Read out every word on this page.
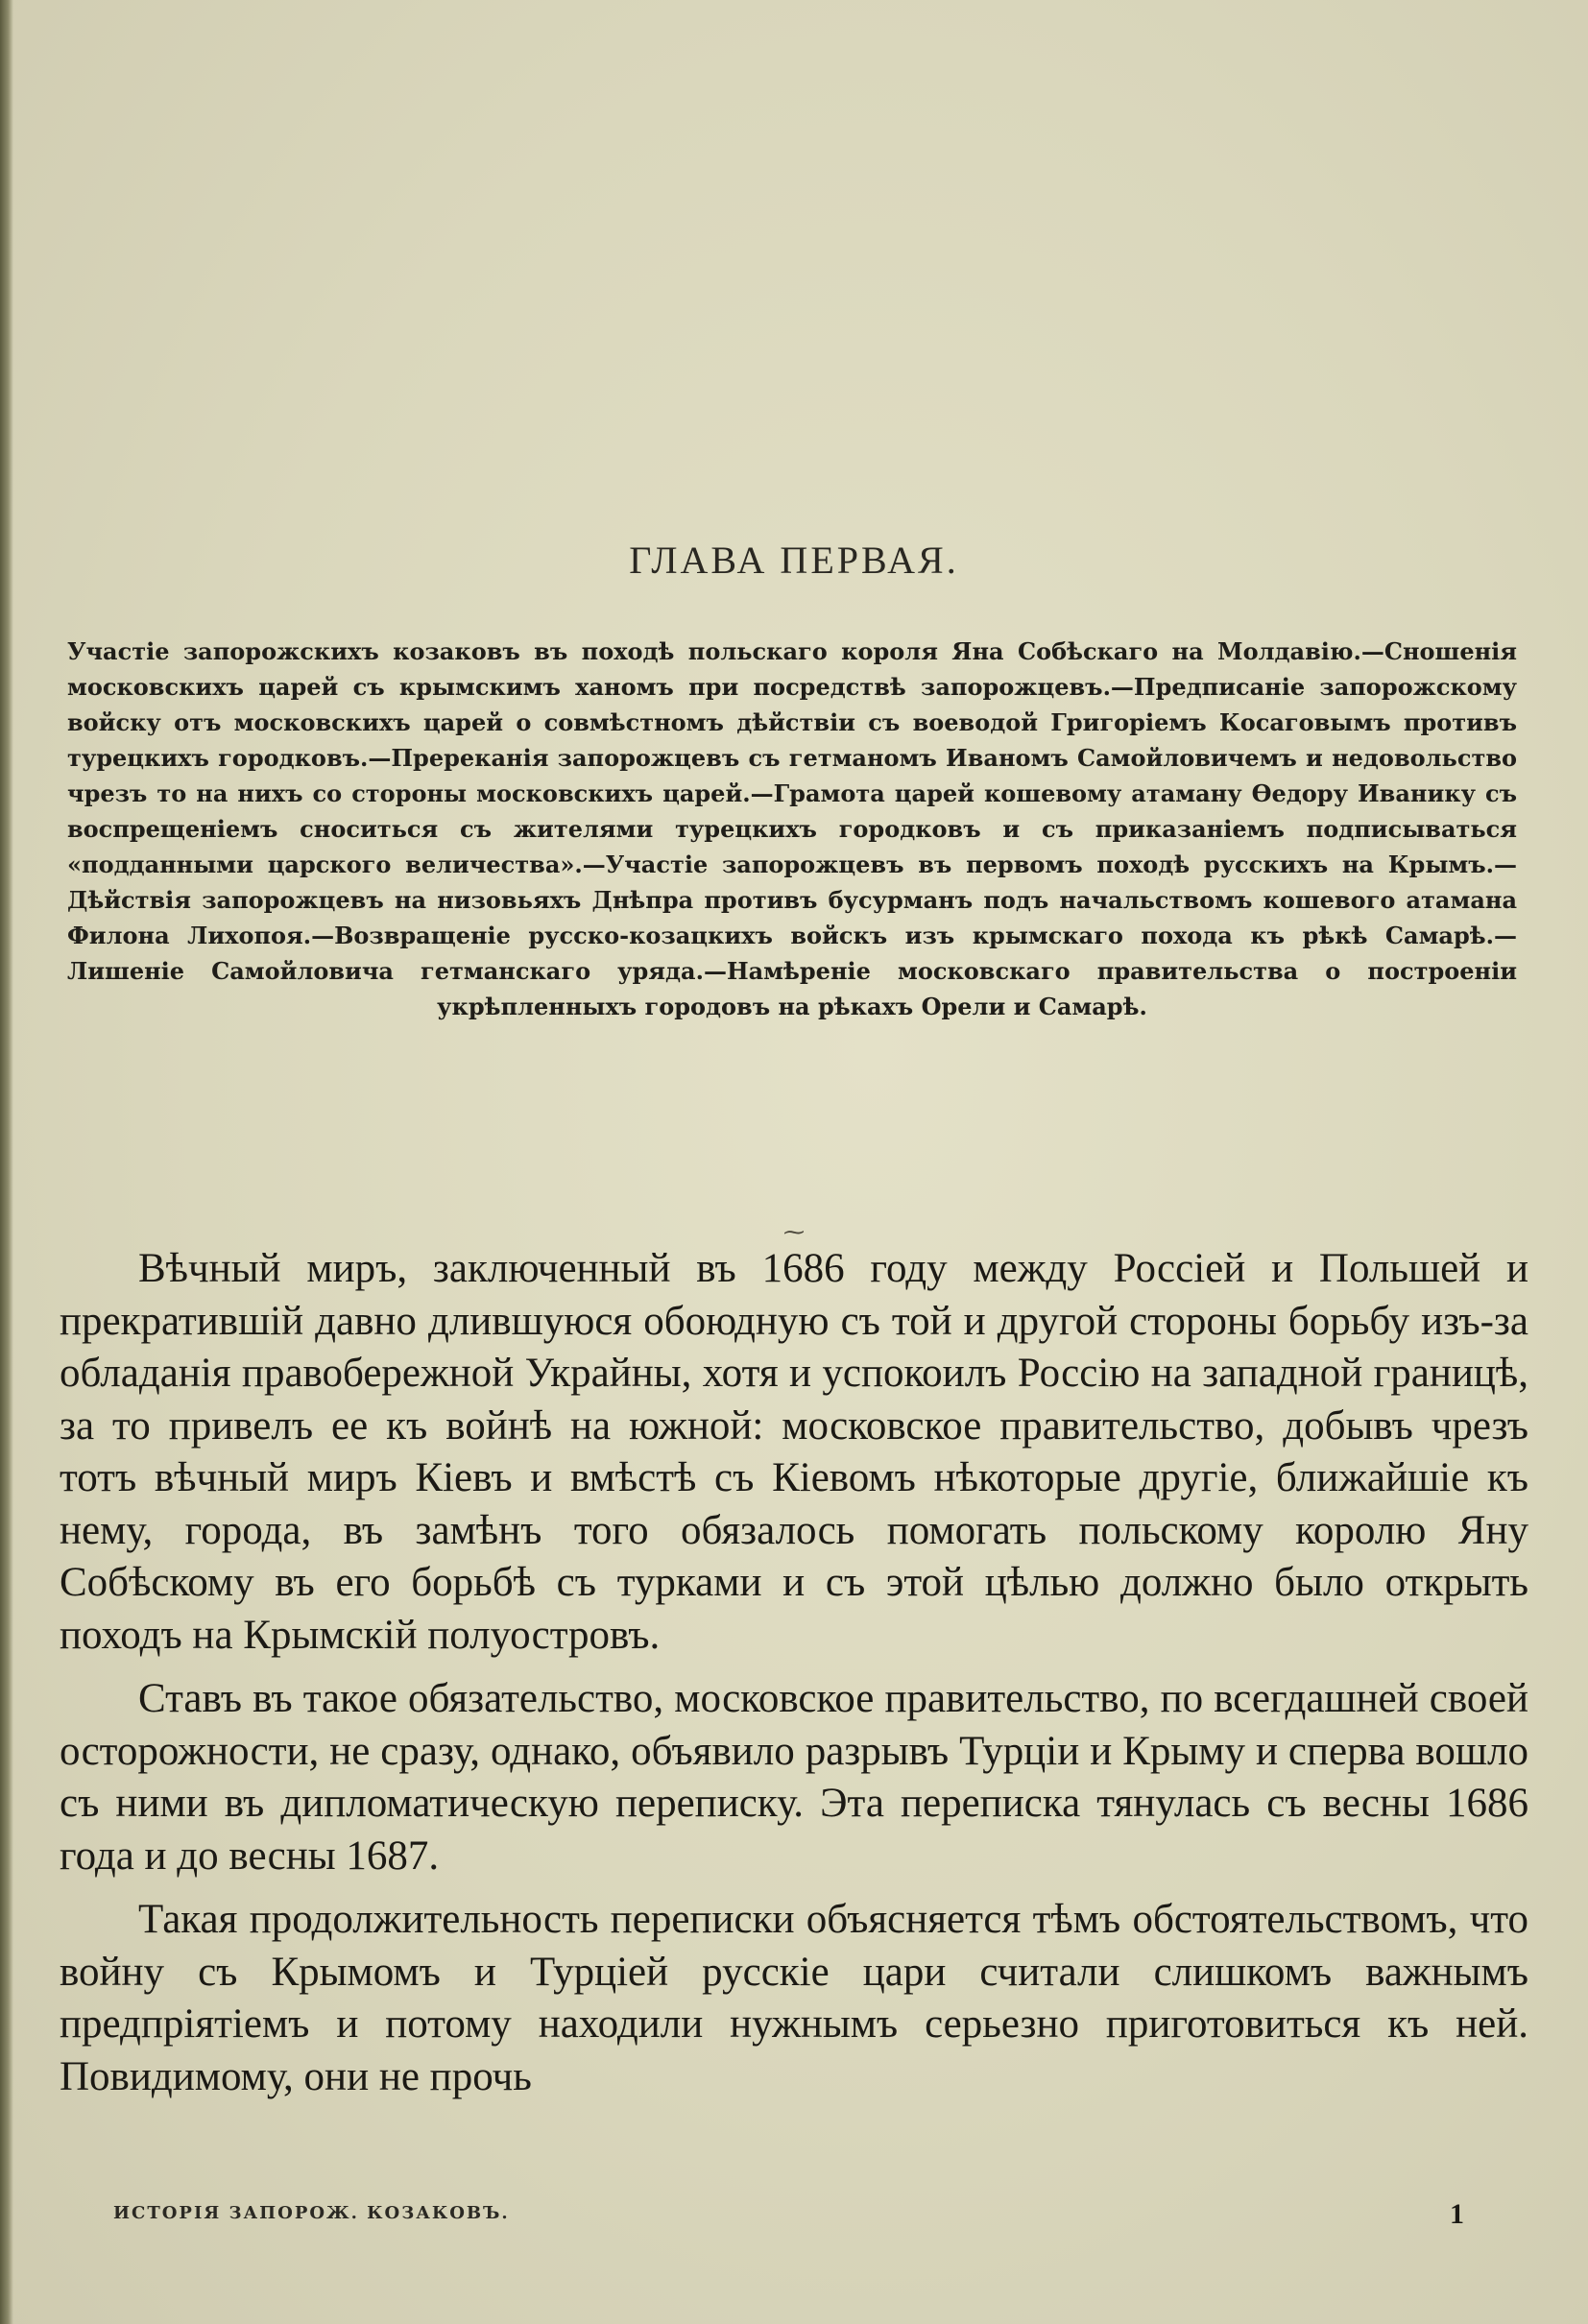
ГЛАВА ПЕРВАЯ.
Участіе запорожскихъ козаковъ въ походѣ польскаго короля Яна Собѣскаго на Молдавію.—Сношенія московскихъ царей съ крымскимъ ханомъ при посредствѣ запорожцевъ.—Предписаніе запорожскому войску отъ московскихъ царей о совмѣстномъ дѣйствіи съ воеводой Григоріемъ Косаговымъ противъ турецкихъ городковъ.—Пререканія запорожцевъ съ гетманомъ Иваномъ Самойловичемъ и недовольство чрезъ то на нихъ со стороны московскихъ царей.—Грамота царей кошевому атаману Ѳедору Иванику съ воспрещеніемъ сноситься съ жителями турецкихъ городковъ и съ приказаніемъ подписываться «подданными царского величества».—Участіе запорожцевъ въ первомъ походѣ русскихъ на Крымъ.—Дѣйствія запорожцевъ на низовьяхъ Днѣпра противъ бусурманъ подъ начальствомъ кошевого атамана Филона Лихопоя.—Возвращеніе русско-козацкихъ войскъ изъ крымскаго похода къ рѣкѣ Самарѣ.—Лишеніе Самойловича гетманскаго уряда.—Намѣреніе московскаго правительства о построеніи укрѣпленныхъ городовъ на рѣкахъ Орели и Самарѣ.
⁓

Вѣчный миръ, заключенный въ 1686 году между Россіей и Польшей и прекратившій давно длившуюся обоюдную съ той и другой стороны борьбу изъ-за обладанія правобережной Украйны, хотя и успокоилъ Россію на западной границѣ, за то привелъ ее къ войнѣ на южной: московское правительство, добывъ чрезъ тотъ вѣчный миръ Кіевъ и вмѣстѣ съ Кіевомъ нѣкоторые другіе, ближайшіе къ нему, города, въ замѣнъ того обязалось помогать польскому королю Яну Собѣскому въ его борьбѣ съ турками и съ этой цѣлью должно было открыть походъ на Крымскій полуостровъ.

Ставъ въ такое обязательство, московское правительство, по всегдашней своей осторожности, не сразу, однако, объявило разрывъ Турціи и Крыму и сперва вошло съ ними въ дипломатическую переписку. Эта переписка тянулась съ весны 1686 года и до весны 1687.

Такая продолжительность переписки объясняется тѣмъ обстоятельствомъ, что войну съ Крымомъ и Турціей русскіе цари считали слишкомъ важнымъ предпріятіемъ и потому находили нужнымъ серьезно приготовиться къ ней. Повидимому, они не прочь

ИСТОРІЯ ЗАПОРОЖ. КОЗАКОВЪ.	1
